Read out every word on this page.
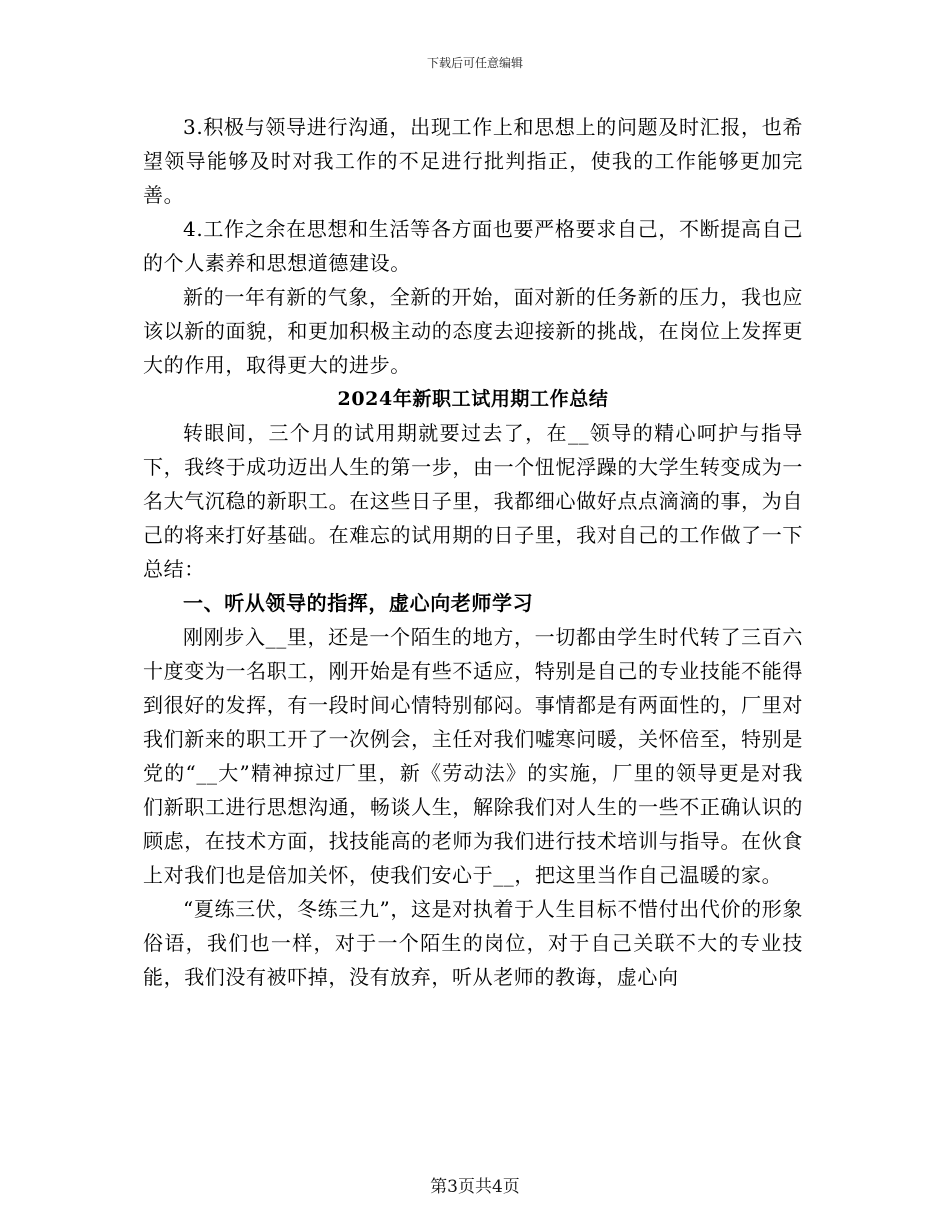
下载后可任意编辑

3.积极与领导进行沟通，出现工作上和思想上的问题及时汇报，也希望领导能够及时对我工作的不足进行批判指正，使我的工作能够更加完善。

4.工作之余在思想和生活等各方面也要严格要求自己，不断提高自己的个人素养和思想道德建设。

新的一年有新的气象，全新的开始，面对新的任务新的压力，我也应该以新的面貌，和更加积极主动的态度去迎接新的挑战，在岗位上发挥更大的作用，取得更大的进步。

2024年新职工试用期工作总结

转眼间，三个月的试用期就要过去了，在__领导的精心呵护与指导下，我终于成功迈出人生的第一步，由一个忸怩浮躁的大学生转变成为一名大气沉稳的新职工。在这些日子里，我都细心做好点点滴滴的事，为自己的将来打好基础。在难忘的试用期的日子里，我对自己的工作做了一下总结：

一、听从领导的指挥，虚心向老师学习

刚刚步入__里，还是一个陌生的地方，一切都由学生时代转了三百六十度变为一名职工，刚开始是有些不适应，特别是自己的专业技能不能得到很好的发挥，有一段时间心情特别郁闷。事情都是有两面性的，厂里对我们新来的职工开了一次例会，主任对我们嘘寒问暖，关怀倍至，特别是党的“__大”精神掠过厂里，新《劳动法》的实施，厂里的领导更是对我们新职工进行思想沟通，畅谈人生，解除我们对人生的一些不正确认识的顾虑，在技术方面，找技能高的老师为我们进行技术培训与指导。在伙食上对我们也是倍加关怀，使我们安心于__，把这里当作自己温暖的家。

“夏练三伏，冬练三九”，这是对执着于人生目标不惜付出代价的形象俗语，我们也一样，对于一个陌生的岗位，对于自己关联不大的专业技能，我们没有被吓掉，没有放弃，听从老师的教诲，虚心向

第3页共4页
